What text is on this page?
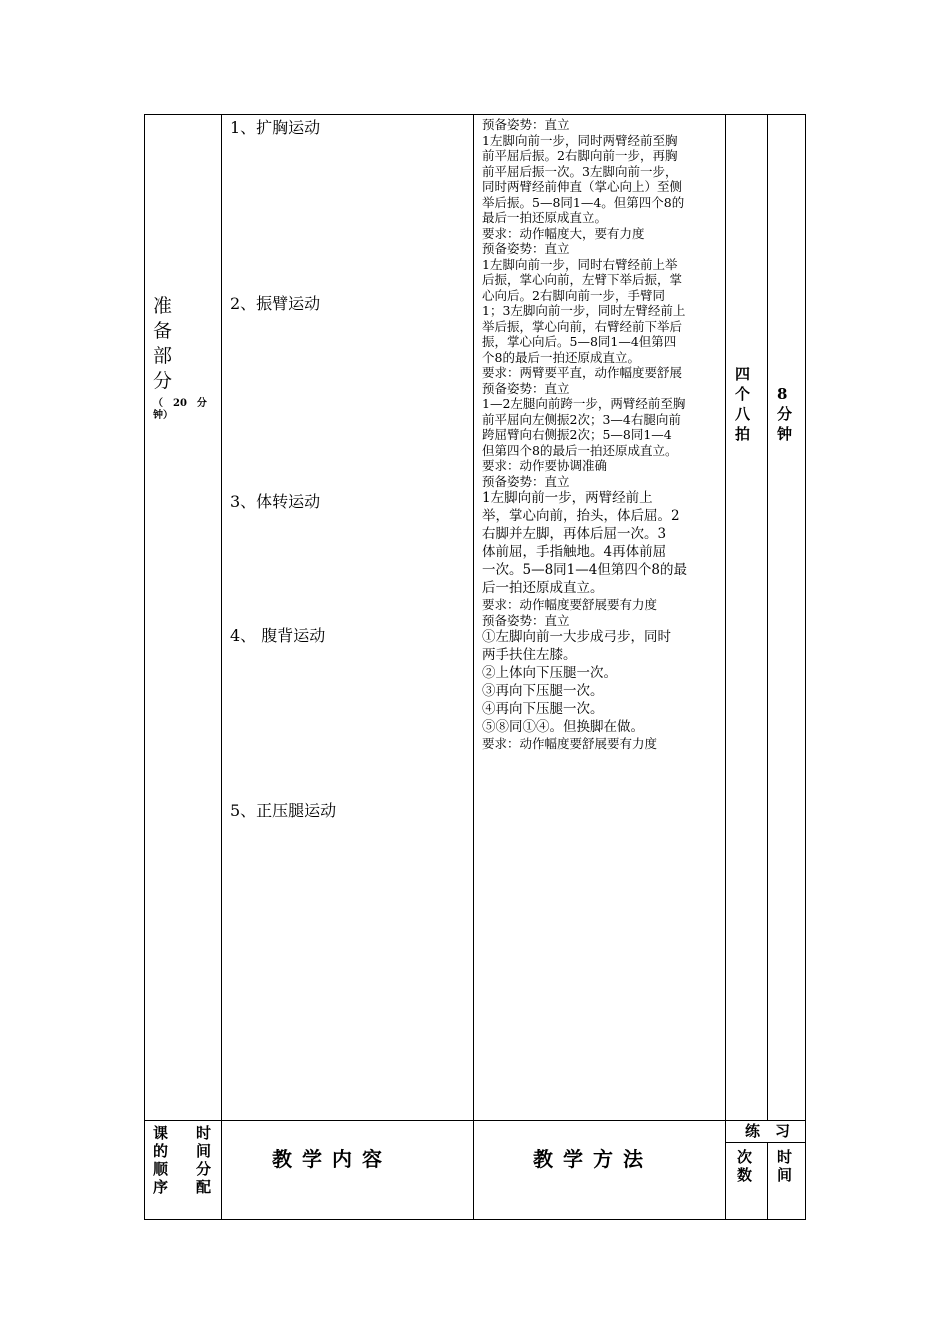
准
备
部
分
（　20　分
钟）
1、扩胸运动
2、振臂运动
3、体转运动
4、 腹背运动
5、正压腿运动
预备姿势：直立
1左脚向前一步，同时两臂经前至胸
前平屈后振。2右脚向前一步，再胸
前平屈后振一次。3左脚向前一步，
同时两臂经前伸直（掌心向上）至侧
举后振。5—8同1—4。但第四个8的
最后一拍还原成直立。
要求：动作幅度大，要有力度
预备姿势：直立
1左脚向前一步，同时右臂经前上举
后振，掌心向前，左臂下举后振，掌
心向后。2右脚向前一步，手臂同
1；3左脚向前一步，同时左臂经前上
举后振，掌心向前，右臂经前下举后
振，掌心向后。5—8同1—4但第四
个8的最后一拍还原成直立。
要求：两臂要平直，动作幅度要舒展
预备姿势：直立
1—2左腿向前跨一步，两臂经前至胸
前平屈向左侧振2次；3—4右腿向前
跨屈臂向右侧振2次；5—8同1—4
但第四个8的最后一拍还原成直立。
要求：动作要协调准确
预备姿势：直立
1左脚向前一步，两臂经前上
举，掌心向前，抬头，体后屈。2
右脚并左脚，再体后屈一次。3
体前屈，手指触地。4再体前屈
一次。5—8同1—4但第四个8的最
后一拍还原成直立。
要求：动作幅度要舒展要有力度
预备姿势：直立
①左脚向前一大步成弓步，同时
两手扶住左膝。
②上体向下压腿一次。
③再向下压腿一次。
④再向下压腿一次。
⑤⑧同①④。但换脚在做。
要求：动作幅度要舒展要有力度
四
个
八
拍
8
分
钟
课 时
的 间
顺 分
序 配
教学内容	教学方法
练　习
次
数
时
间
